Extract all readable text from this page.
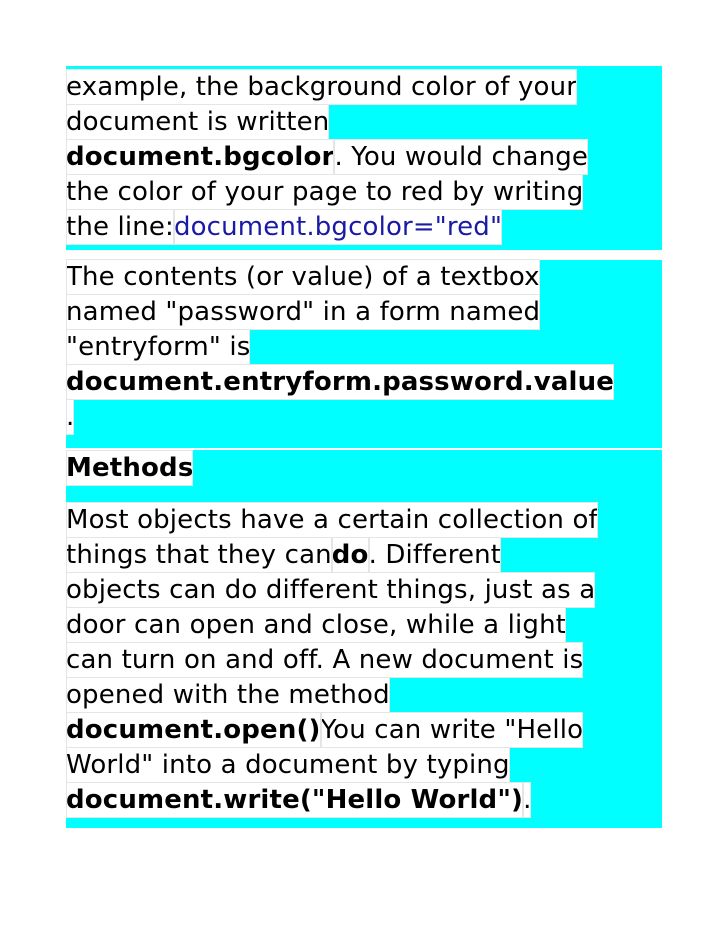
example, the background color of your
document is written
document.bgcolor. You would change
the color of your page to red by writing
the line:document.bgcolor="red"
The contents (or value) of a textbox
named "password" in a form named
"entryform" is
document.entryform.password.value
.
Methods
Most objects have a certain collection of
things that they cando. Different
objects can do different things, just as a
door can open and close, while a light
can turn on and off. A new document is
opened with the method
document.open()You can write "Hello
World" into a document by typing
document.write("Hello World").
